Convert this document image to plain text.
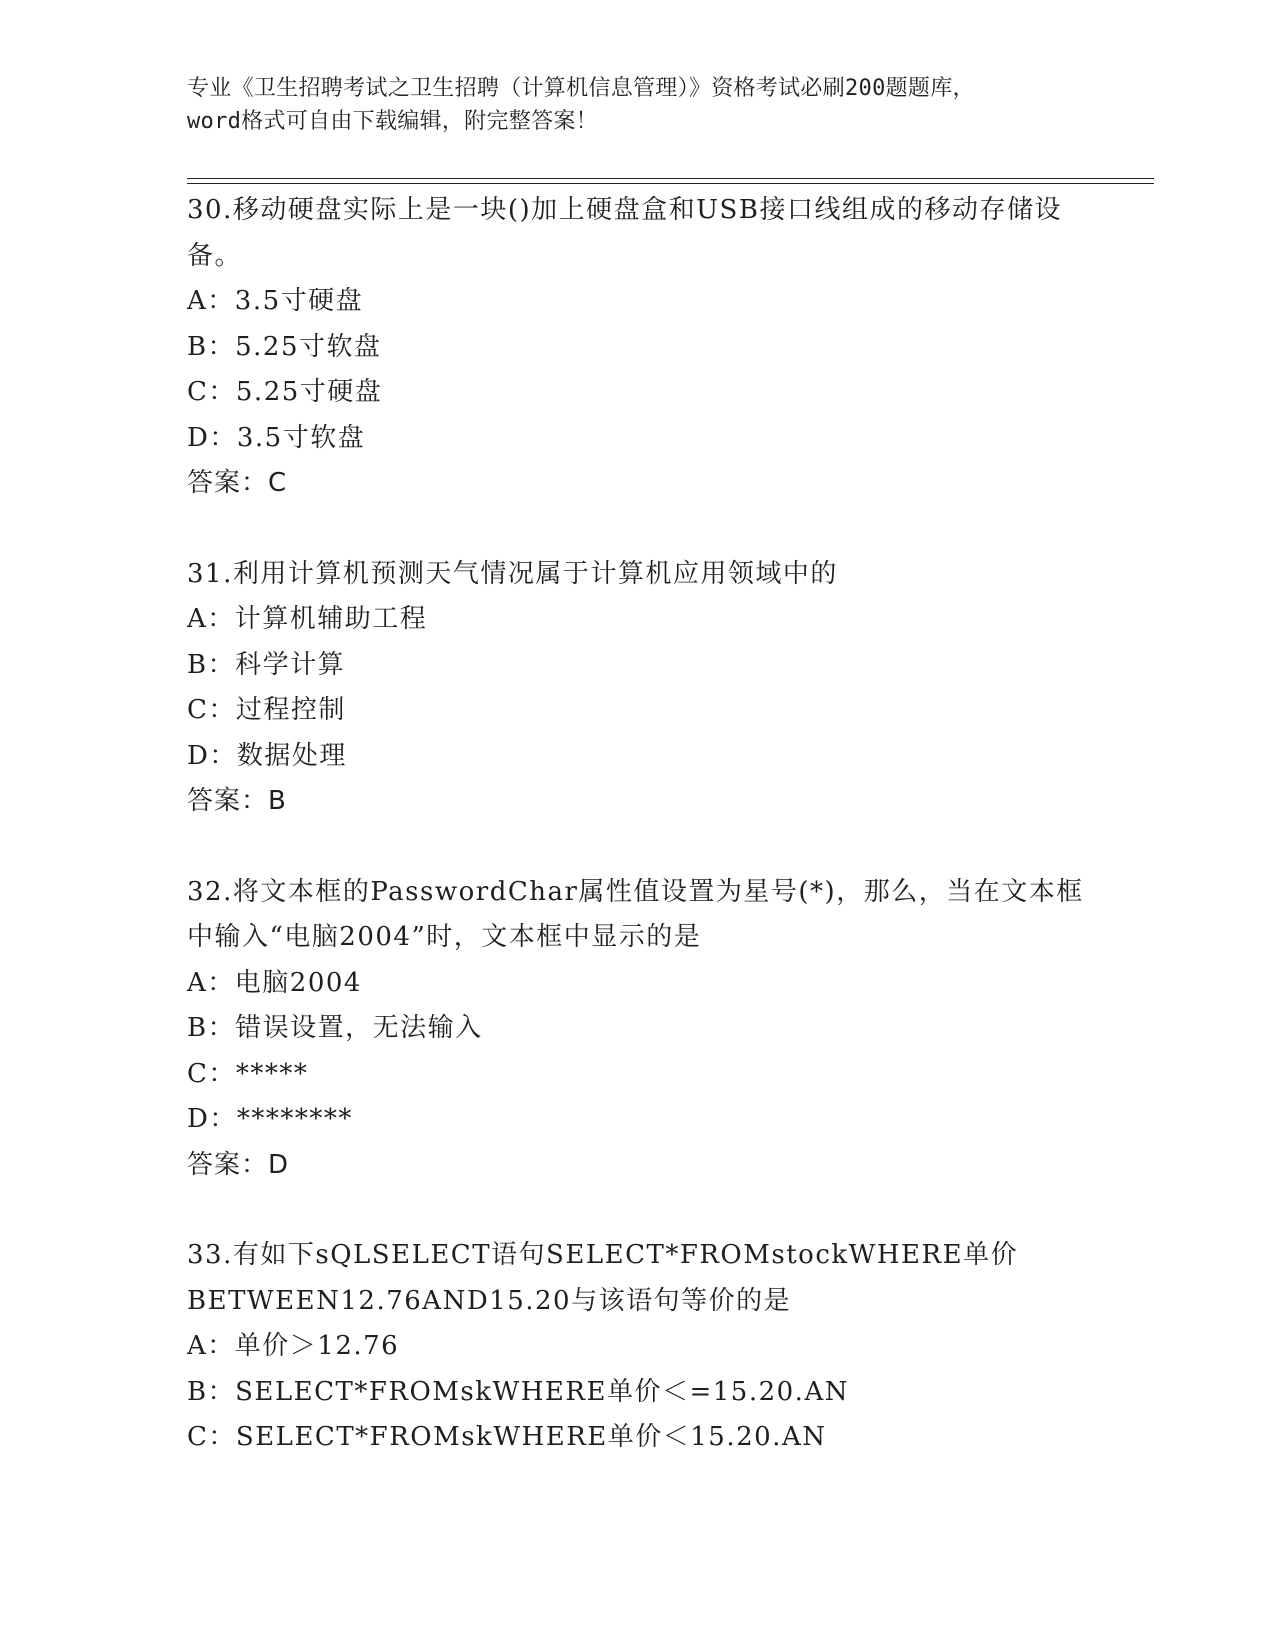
专业《卫生招聘考试之卫生招聘（计算机信息管理）》资格考试必刷200题题库，
word格式可自由下载编辑，附完整答案！

30.移动硬盘实际上是一块()加上硬盘盒和USB接口线组成的移动存储设备。

A：3.5寸硬盘

B：5.25寸软盘

C：5.25寸硬盘

D：3.5寸软盘

答案：C

31.利用计算机预测天气情况属于计算机应用领域中的

A：计算机辅助工程

B：科学计算

C：过程控制

D：数据处理

答案：B

32.将文本框的PasswordChar属性值设置为星号(*)，那么，当在文本框中输入“电脑2004”时，文本框中显示的是

A：电脑2004

B：错误设置，无法输入

C：*****

D：********

答案：D

33.有如下sQLSELECT语句SELECT*FROMstockWHERE单价BETWEEN12.76AND15.20与该语句等价的是

A：单价＞12.76

B：SELECT*FROMskWHERE单价＜=15.20.AN

C：SELECT*FROMskWHERE单价＜15.20.AN
